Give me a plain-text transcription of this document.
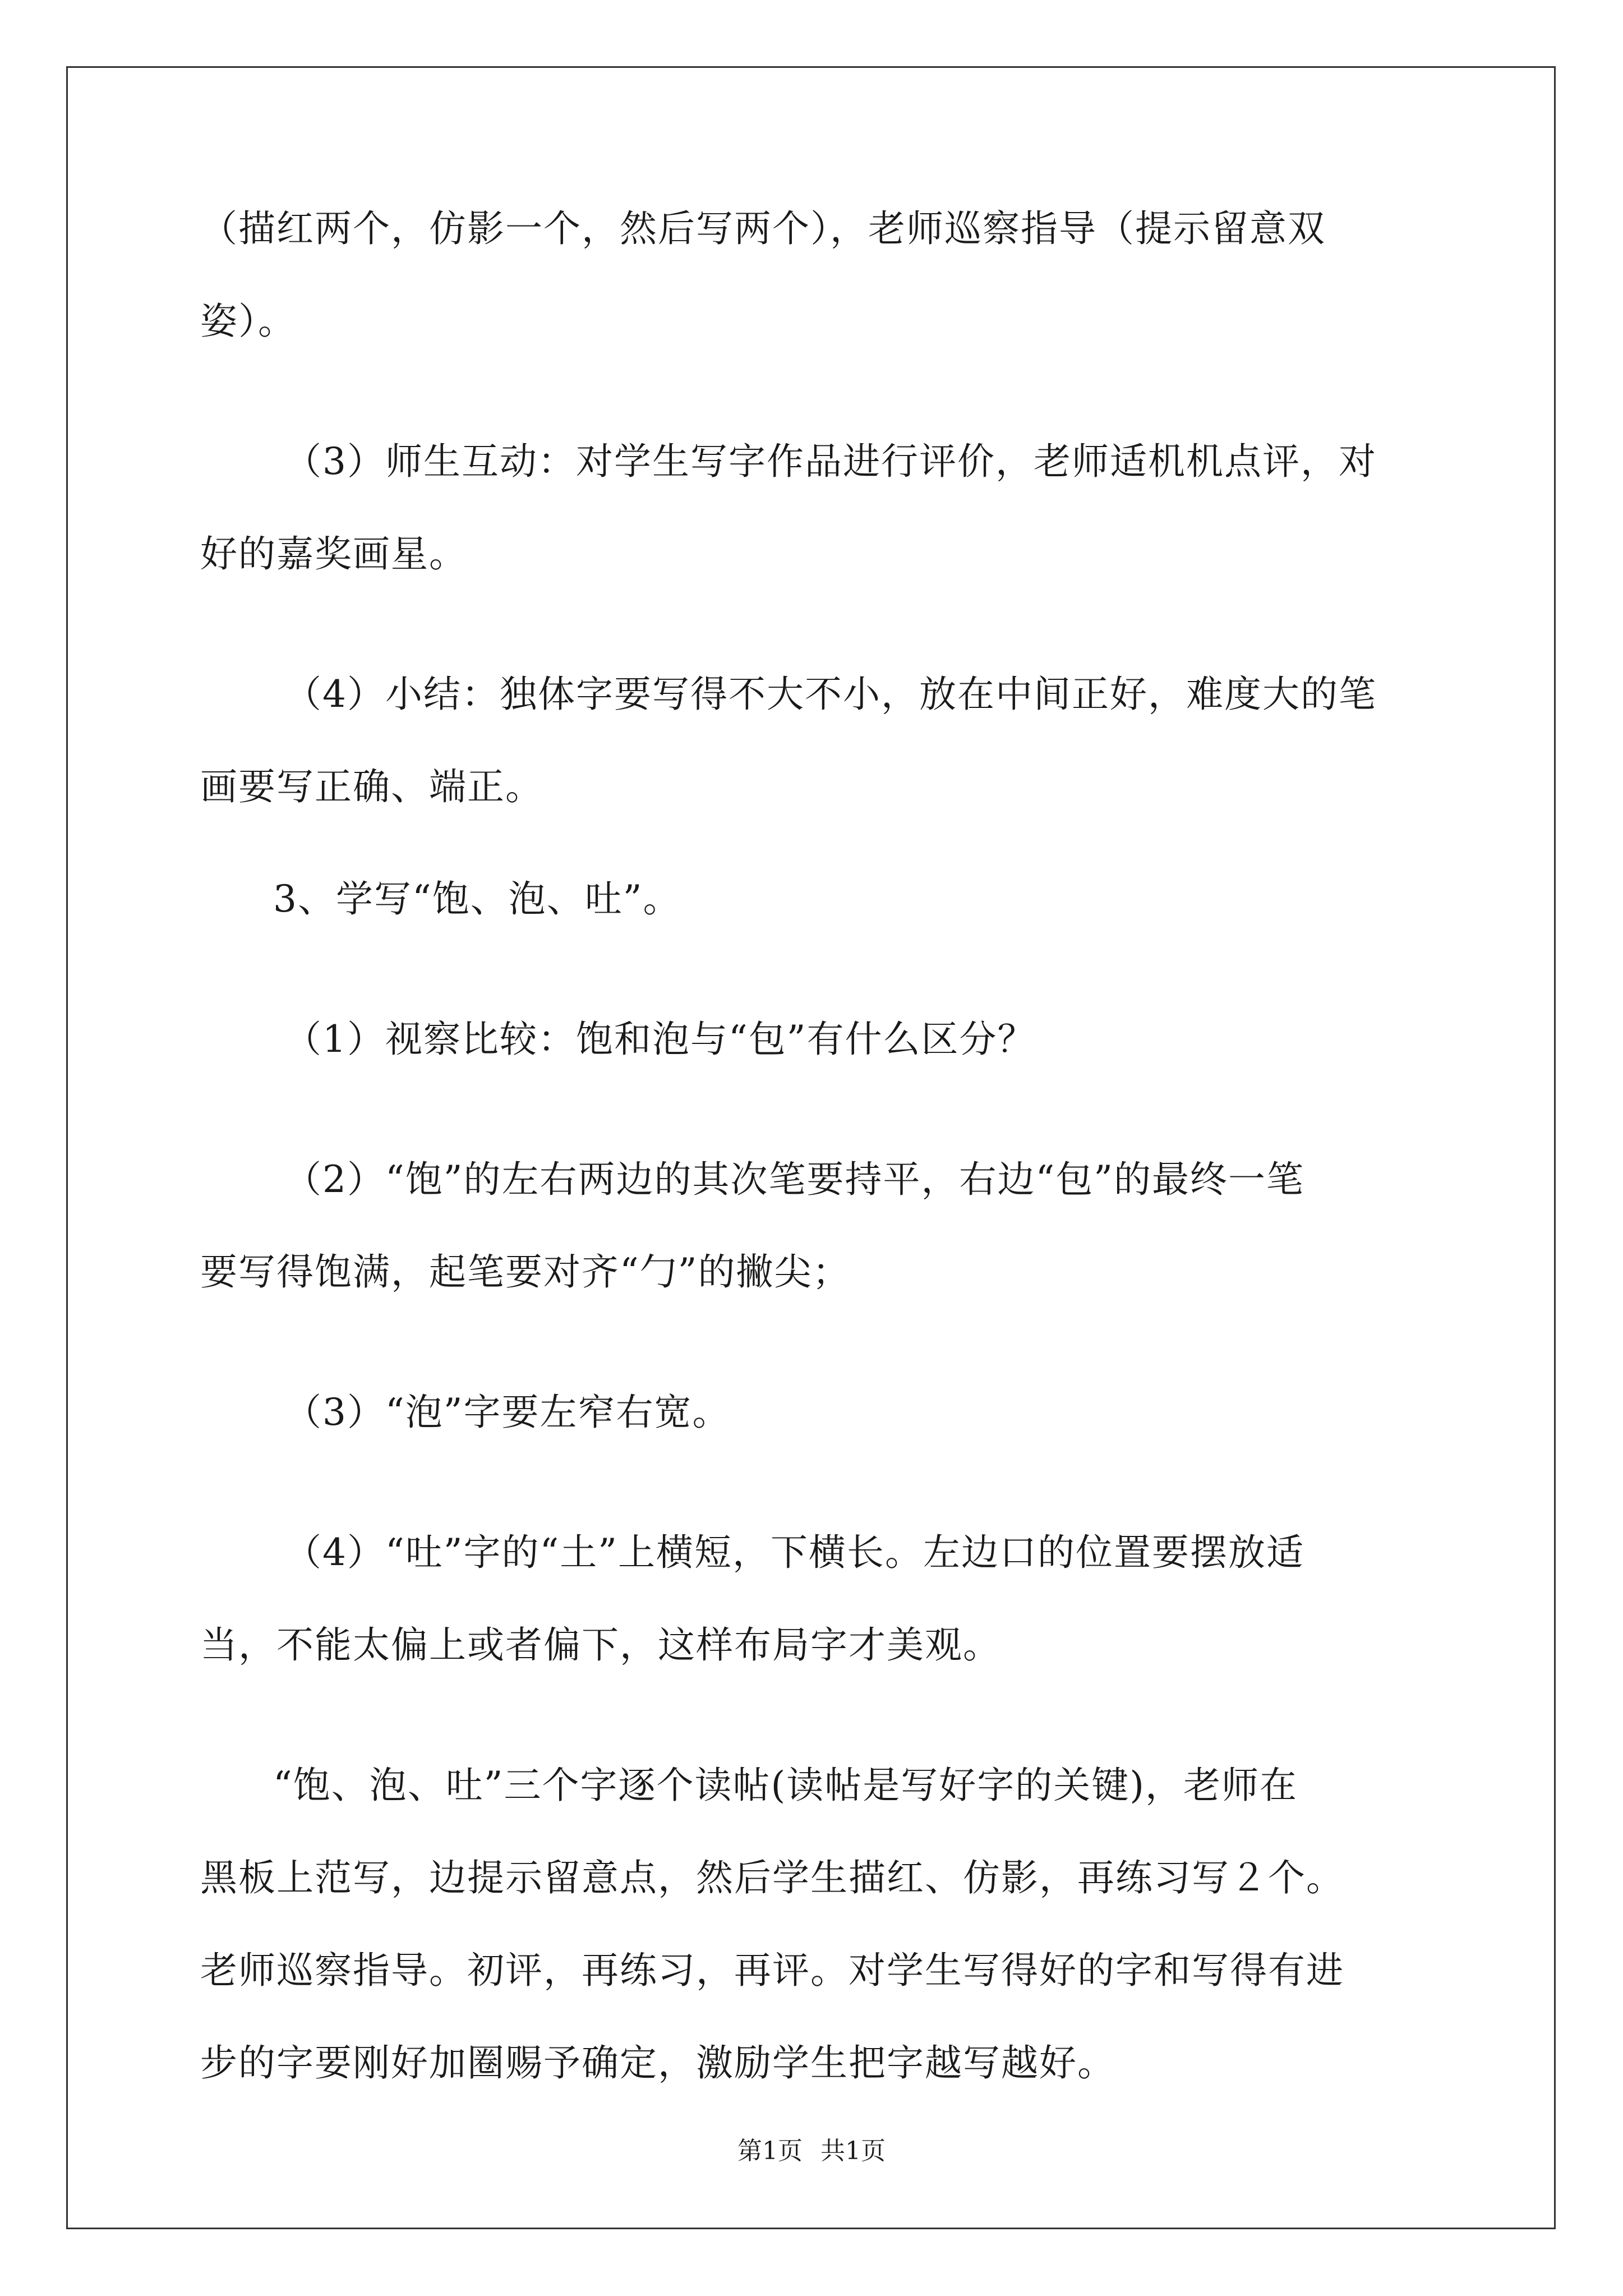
（描红两个，仿影一个，然后写两个），老师巡察指导（提示留意双
姿）。
（3）师生互动：对学生写字作品进行评价，老师适机机点评，对
好的嘉奖画星。
（4）小结：独体字要写得不大不小，放在中间正好，难度大的笔
画要写正确、端正。
3、学写“饱、泡、吐”。
（1）视察比较：饱和泡与“包”有什么区分？
（2）“饱”的左右两边的其次笔要持平，右边“包”的最终一笔
要写得饱满，起笔要对齐“勹”的撇尖；
（3）“泡”字要左窄右宽。
（4）“吐”字的“土”上横短，下横长。左边口的位置要摆放适
当，不能太偏上或者偏下，这样布局字才美观。
“饱、泡、吐”三个字逐个读帖(读帖是写好字的关键)，老师在
黑板上范写，边提示留意点，然后学生描红、仿影，再练习写２个。
老师巡察指导。初评，再练习，再评。对学生写得好的字和写得有进
步的字要刚好加圈赐予确定，激励学生把字越写越好。
第1页 共1页
